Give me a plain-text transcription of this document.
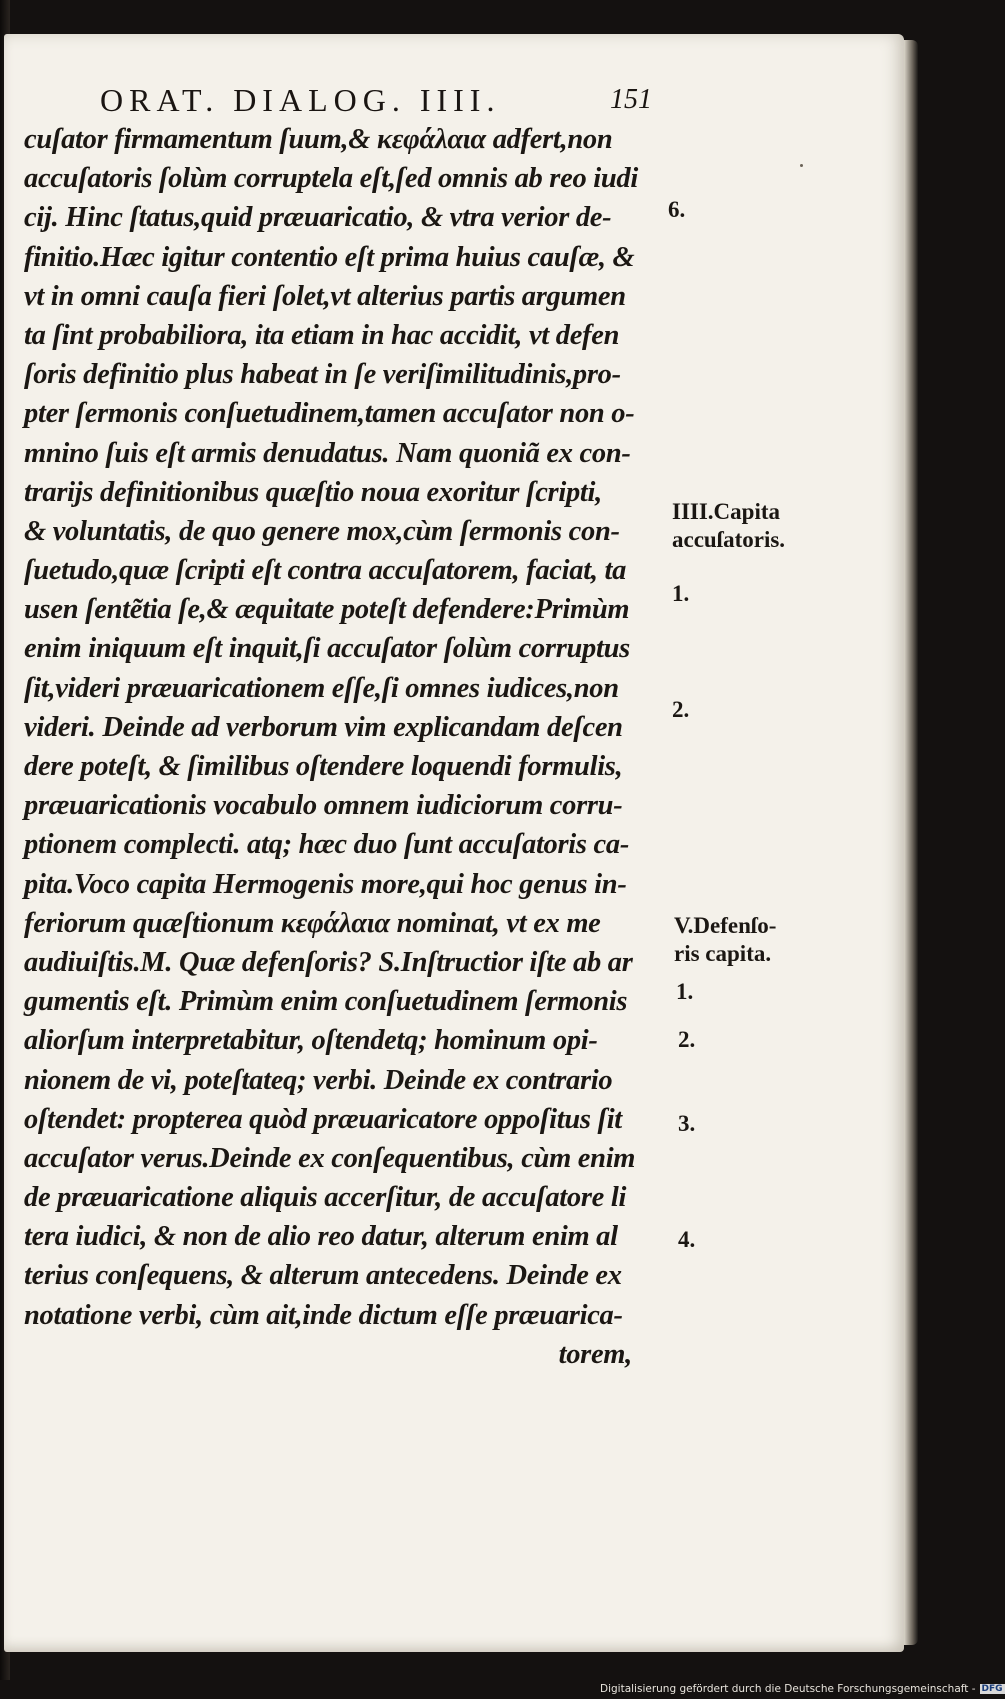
ORAT. DIALOG. IIII.	151
cuſator firmamentum ſuum,& κεφάλαια adfert,non
accuſatoris ſolùm corruptela eſt,ſed omnis ab reo iudi
cij. Hinc ſtatus,quid præuaricatio, & vtra verior de-
finitio.Hæc igitur contentio eſt prima huius cauſæ, &
vt in omni cauſa fieri ſolet,vt alterius partis argumen
ta ſint probabiliora, ita etiam in hac accidit, vt defen
ſoris definitio plus habeat in ſe veriſimilitudinis,pro-
pter ſermonis conſuetudinem,tamen accuſator non o-
mnino ſuis eſt armis denudatus. Nam quoniã ex con-
trarijs definitionibus quæſtio noua exoritur ſcripti,
& voluntatis, de quo genere mox,cùm ſermonis con-
ſuetudo,quæ ſcripti eſt contra accuſatorem, faciat, ta
usen ſentẽtia ſe,& æquitate poteſt defendere:Primùm
enim iniquum eſt inquit,ſi accuſator ſolùm corruptus
ſit,videri præuaricationem eſſe,ſi omnes iudices,non
videri. Deinde ad verborum vim explicandam deſcen
dere poteſt, & ſimilibus oſtendere loquendi formulis,
præuaricationis vocabulo omnem iudiciorum corru-
ptionem complecti. atq; hæc duo ſunt accuſatoris ca-
pita.Voco capita Hermogenis more,qui hoc genus in-
feriorum quæſtionum κεφάλαια nominat, vt ex me
audiuiſtis.M. Quæ defenſoris? S.Inſtructior iſte ab ar
gumentis eſt. Primùm enim conſuetudinem ſermonis
aliorſum interpretabitur, oſtendetq; hominum opi-
nionem de vi, poteſtateq; verbi. Deinde ex contrario
oſtendet: propterea quòd præuaricatore oppoſitus ſit
accuſator verus.Deinde ex conſequentibus, cùm enim
de præuaricatione aliquis accerſitur, de accuſatore li
tera iudici, & non de alio reo datur, alterum enim al
terius conſequens, & alterum antecedens. Deinde ex
notatione verbi, cùm ait,inde dictum eſſe præuarica-
torem,
6.
IIII.Capita
accuſatoris.
1.
2.
V.Defenſo-
ris capita.
1.
2.
3.
4.
Digitalisierung gefördert durch die Deutsche Forschungsgemeinschaft - DFG
